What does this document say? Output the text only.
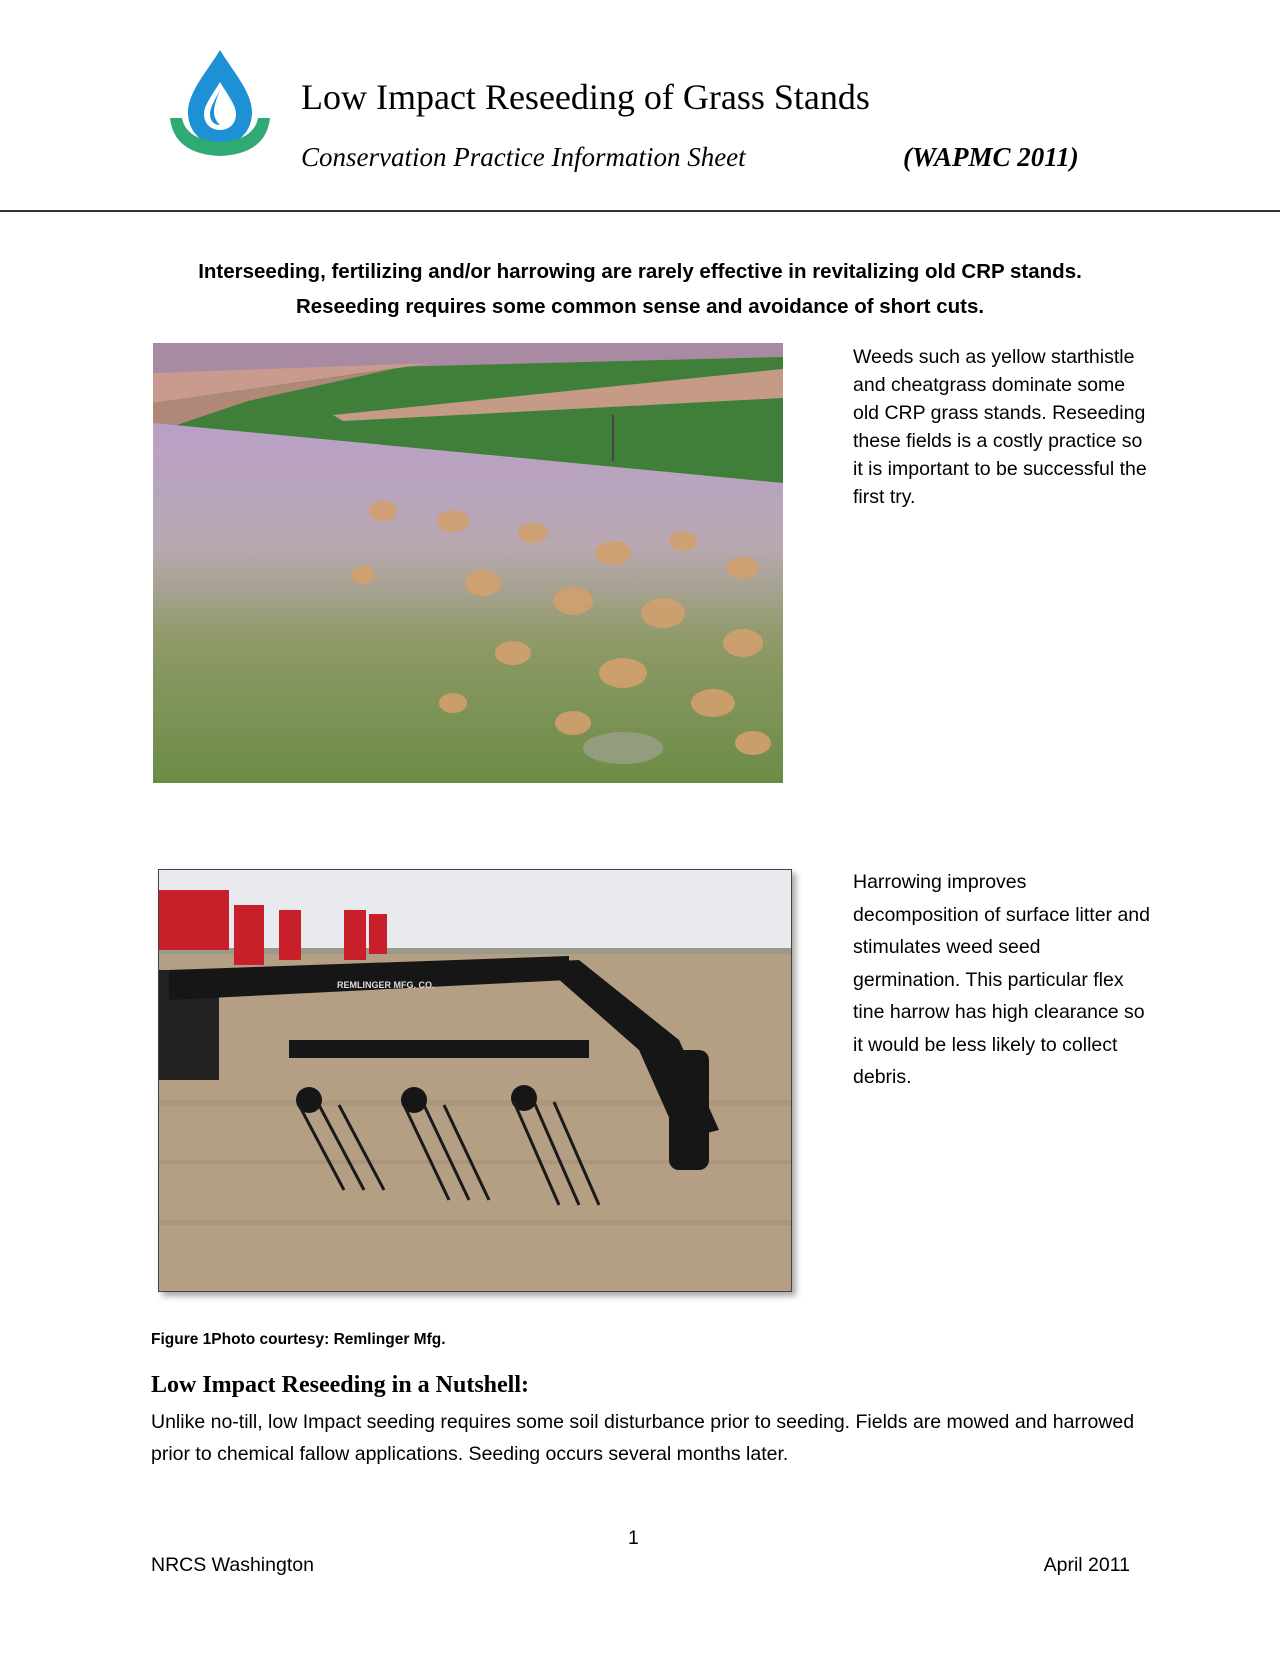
Low Impact Reseeding of Grass Stands

Conservation Practice Information Sheet	(WAPMC 2011)

Interseeding, fertilizing and/or harrowing are rarely effective in revitalizing old CRP stands.
Reseeding requires some common sense and avoidance of short cuts.

Weeds such as yellow starthistle and cheatgrass dominate some old CRP grass stands. Reseeding these fields is a costly practice so it is important to be successful the first try.

REMLINGER MFG. CO.

Harrowing improves decomposition of surface litter and stimulates weed seed germination. This particular flex tine harrow has high clearance so it would be less likely to collect debris.

Figure 1Photo courtesy: Remlinger Mfg.

Low Impact Reseeding in a Nutshell:

Unlike no-till, low Impact seeding requires some soil disturbance prior to seeding. Fields are mowed and harrowed prior to chemical fallow applications. Seeding occurs several months later.

1
NRCS Washington	April 2011
